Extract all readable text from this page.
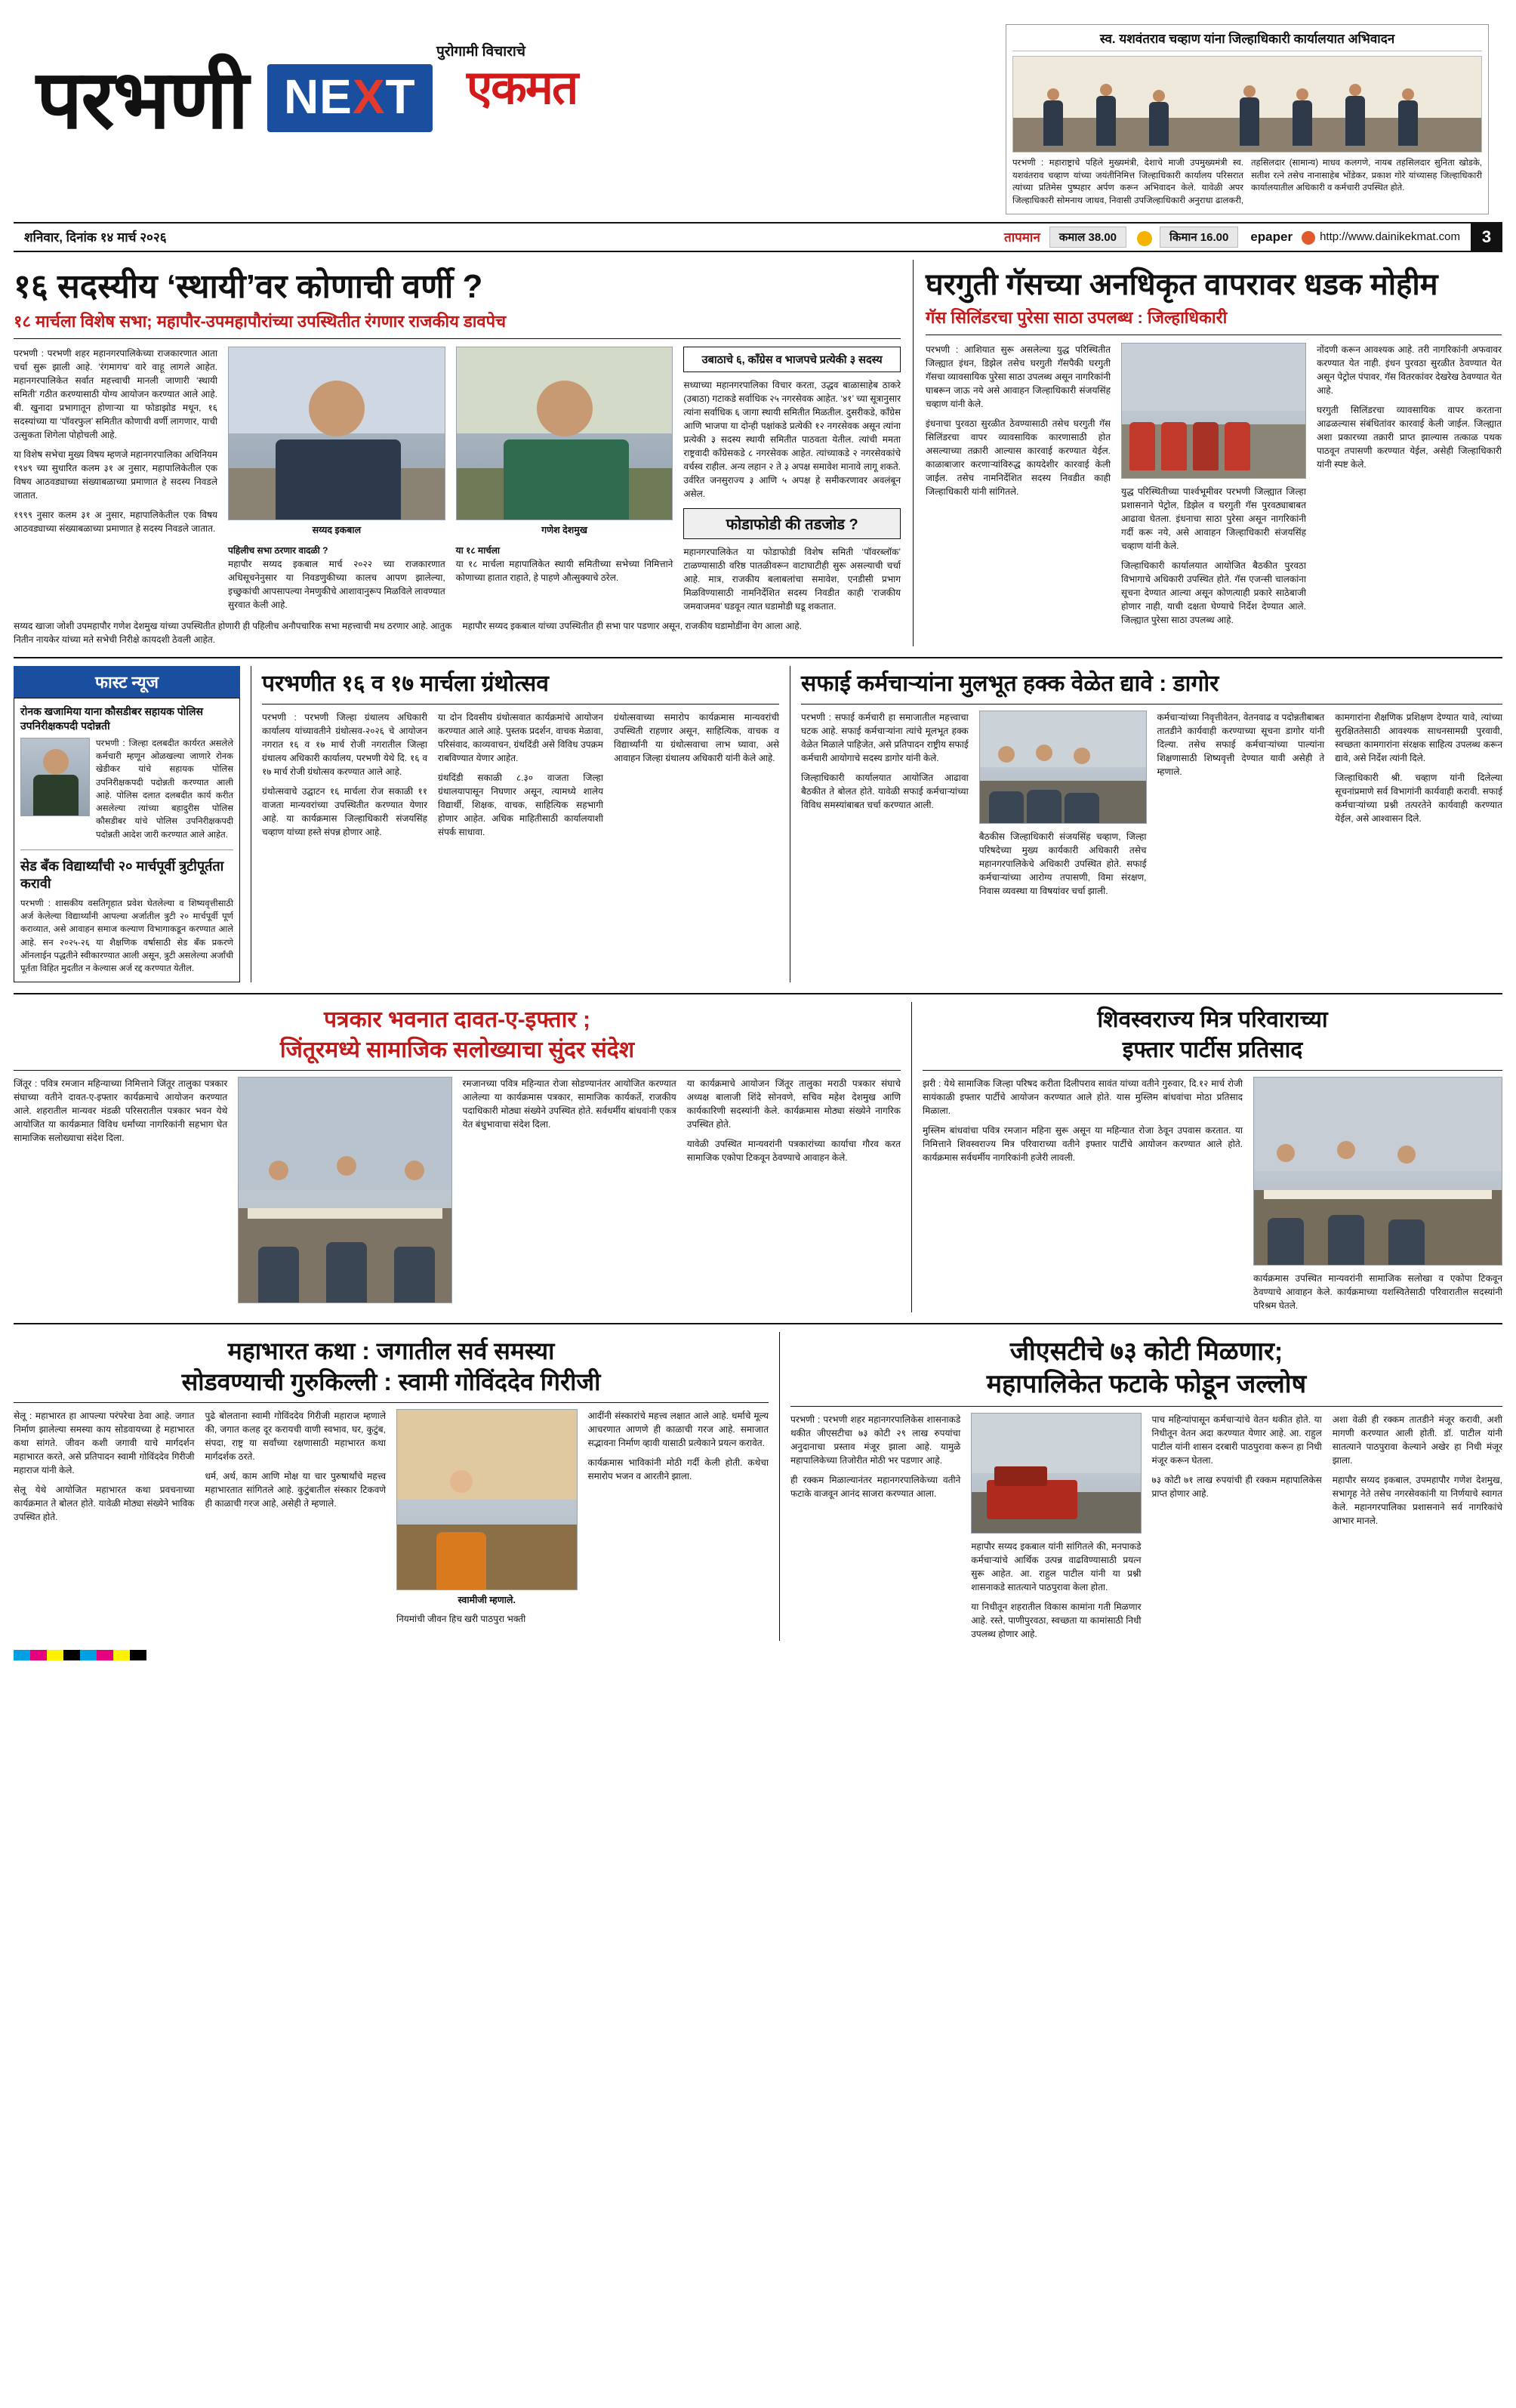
पुरोगामी विचाराचे
एकमत
परभणी NEXT
स्व. यशवंतराव चव्हाण यांना जिल्हाधिकारी कार्यालयात अभिवादन
परभणी : महाराष्ट्राचे पहिले मुख्यमंत्री, देशाचे माजी उपमुख्यमंत्री स्व. यशवंतराव चव्हाण यांच्या जयंतीनिमित्त जिल्हाधिकारी कार्यालय परिसरात त्यांच्या प्रतिमेस पुष्पहार अर्पण करून अभिवादन केले. यावेळी अपर जिल्हाधिकारी सोमनाथ जाधव, निवासी उपजिल्हाधिकारी अनुराधा ढालकरी, तहसिलदार (सामान्य) माधव कलगणे, नायब तहसिलदार सुनिता खोडके, सतीश रत्ने तसेच नानासाहेब भोंडेकर, प्रकाश गोरे यांच्यासह जिल्हाधिकारी कार्यालयातील अधिकारी व कर्मचारी उपस्थित होते.
शनिवार, दिनांक १४ मार्च २०२६	तापमान	कमाल 38.00	किमान 16.00	epaper	http://www.dainikekmat.com	3
१६ सदस्यीय ‘स्थायी’वर कोणाची वर्णी ?
१८ मार्चला विशेष सभा; महापौर-उपमहापौरांच्या उपस्थितीत रंगणार राजकीय डावपेच
परभणी : परभणी शहर महानगरपालिकेच्या राजकारणात आता चर्चा सुरू झाली आहे. ‘रंगमागच’ वारे वाहू लागले आहेत. महानगरपालिकेत सर्वात महत्त्वाची मानली जाणारी ‘स्थायी समिती’ गठीत करण्यासाठी योग्य आयोजन करण्यात आले आहे. बी. खुनादा प्रभागातून होणाऱ्या या फोडाझोड मधून, १६ सदस्यांच्या या ‘पॉवरफुल’ समितीत कोणाची वर्णी लागणार, याची उत्सुकता शिगेला पोहोचली आहे.
या विशेष सभेचा मुख्य विषय म्हणजे महानगरपालिका अधिनियम १९४९ च्या सुधारित कलम ३१ अ नुसार, महापालिकेतील एक विषय आठवड्याच्या संख्याबळाच्या प्रमाणात हे सदस्य निवडले जातात.
१९९९ नुसार कलम ३१ अ नुसार, महापालिकेतील एक विषय आठवड्याच्या संख्याबळाच्या प्रमाणात हे सदस्य निवडले जातात.	सय्यद इकबाल
पहिलीच सभा ठरणार वादळी ?
महापौर सय्यद इकबाल मार्च २०२२ च्या राजकारणात अधिसूचनेनुसार या निवडणुकीच्या कालच आपण झालेल्या, इच्छुकांची आपसापल्या नेमणुकीचे आशावानुरूप मिळविले लावण्यात सुरवात केली आहे.
गणेश देशमुख
या १८ मार्चला
या १८ मार्चला महापालिकेत स्थायी समितीच्या सभेच्या निमित्ताने कोणाच्या हातात राहाते, हे पाहणे औत्सुक्याचे ठरेल.
उबाठाचे ६, काँग्रेस व भाजपचे प्रत्येकी ३ सदस्य
सध्याच्या महानगरपालिका विचार करता, उद्धव बाळासाहेब ठाकरे (उबाठा) गटाकडे सर्वाधिक २५ नगरसेवक आहेत. ‘४१’ च्या सूत्रानुसार त्यांना सर्वाधिक ६ जागा स्थायी समितीत मिळतील. दुसरीकडे, काँग्रेस आणि भाजपा या दोन्ही पक्षांकडे प्रत्येकी १२ नगरसेवक असून त्यांना प्रत्येकी ३ सदस्य स्थायी समितीत पाठवता येतील. त्यांची ममता राष्ट्रवादी काँग्रेसकडे ८ नगरसेवक आहेत. त्यांच्याकडे २ नगरसेवकांचे वर्चस्व राहील. अन्य लहान २ ते ३ अपक्ष समावेश मानावे लागू शकते. उर्वरित जनसुराज्य ३ आणि ५ अपक्ष हे समीकरणावर अवलंबून असेल.
फोडाफोडी की तडजोड ?
महानगरपालिकेत या फोडाफोडी विशेष समिती ‘पॉवरब्लॉक’ टाळण्यासाठी वरिष्ठ पातळीवरून वाटाघाटीही सुरू असल्याची चर्चा आहे. मात्र, राजकीय बलाबलांचा समावेश, एनडीसी प्रभाग मिळविण्यासाठी नामनिर्देशित सदस्य निवडीत काही ‘राजकीय जमवाजमव’ घडवून त्यात घडामोडी घडू शकतात.
सय्यद खाजा जोशी उपमहापौर गणेश देशमुख यांच्या उपस्थितीत होणारी ही पहिलीच अनौपचारिक सभा महत्त्वाची मध ठरणार आहे. आतुक नितीन नायकेर यांच्या मते सभेची निरीक्षे कायदशी ठेवली आहेत.
महापौर सय्यद इकबाल यांच्या उपस्थितीत ही सभा पार पडणार असून, राजकीय घडामोडींना वेग आला आहे.
घरगुती गॅसच्या अनधिकृत वापरावर धडक मोहीम
गॅस सिलिंडरचा पुरेसा साठा उपलब्ध : जिल्हाधिकारी
परभणी : आशियात सुरू असलेल्या युद्ध परिस्थितीत जिल्ह्यात इंधन, डिझेल तसेच घरगुती गॅसपैकी घरगुती गॅसचा व्यावसायिक पुरेसा साठा उपलब्ध असून नागरिकांनी घाबरून जाऊ नये असे आवाहन जिल्हाधिकारी संजयसिंह चव्हाण यांनी केले.
इंधनाचा पुरवठा सुरळीत ठेवण्यासाठी तसेच घरगुती गॅस सिलिंडरचा वापर व्यावसायिक कारणासाठी होत असल्याच्या तक्रारी आल्यास कारवाई करण्यात येईल. काळाबाजार करणाऱ्यांविरुद्ध कायदेशीर कारवाई केली जाईल. तसेच नामनिर्देशित सदस्य निवडीत काही जिल्हाधिकारी यांनी सांगितले.	युद्ध परिस्थितीच्या पार्श्वभूमीवर परभणी जिल्ह्यात जिल्हा प्रशासनाने पेट्रोल, डिझेल व घरगुती गॅस पुरवठ्याबाबत आढावा घेतला. इंधनाचा साठा पुरेसा असून नागरिकांनी गर्दी करू नये, असे आवाहन जिल्हाधिकारी संजयसिंह चव्हाण यांनी केले.
जिल्हाधिकारी कार्यालयात आयोजित बैठकीत पुरवठा विभागाचे अधिकारी उपस्थित होते. गॅस एजन्सी चालकांना सूचना देण्यात आल्या असून कोणत्याही प्रकारे साठेबाजी होणार नाही, याची दक्षता घेण्याचे निर्देश देण्यात आले. जिल्ह्यात पुरेसा साठा उपलब्ध आहे.
नोंदणी करून आवश्यक आहे. तरी नागरिकांनी अफवावर करण्यात येत नाही. इंधन पुरवठा सुरळीत ठेवण्यात येत असून पेट्रोल पंपावर, गॅस वितरकांवर देखरेख ठेवण्यात येत आहे.
घरगुती सिलिंडरचा व्यावसायिक वापर करताना आढळल्यास संबंधितांवर कारवाई केली जाईल. जिल्ह्यात अशा प्रकारच्या तक्रारी प्राप्त झाल्यास तत्काळ पथक पाठवून तपासणी करण्यात येईल, असेही जिल्हाधिकारी यांनी स्पष्ट केले.
फास्ट न्यूज
रोनक खजामिया याना कौसडीबर सहायक पोलिस उपनिरीक्षकपदी पदोन्नती
परभणी : जिल्हा दलबदीत कार्यरत असलेले कर्मचारी म्हणून ओळखल्या जाणारे रोनक खेडीकर यांचे सहायक पोलिस उपनिरीक्षकपदी पदोन्नती करण्यात आली आहे. पोलिस दलात दलबदीत कार्य करीत असलेल्या त्यांच्या बहादुरीस पोलिस कौसडीबर यांचे पोलिस उपनिरीक्षकपदी पदोन्नती आदेश जारी करण्यात आले आहेत.
सेड बँक विद्यार्थ्यांची २० मार्चपूर्वी त्रुटीपूर्तता करावी
परभणी : शासकीय वसतिगृहात प्रवेश घेतलेल्या व शिष्यवृत्तीसाठी अर्ज केलेल्या विद्यार्थ्यांनी आपल्या अर्जातील त्रुटी २० मार्चपूर्वी पूर्ण कराव्यात, असे आवाहन समाज कल्याण विभागाकडून करण्यात आले आहे. सन २०२५-२६ या शैक्षणिक वर्षासाठी सेड बँक प्रकरणे ऑनलाईन पद्धतीने स्वीकारण्यात आली असून, त्रुटी असलेल्या अर्जांची पूर्तता विहित मुदतीत न केल्यास अर्ज रद्द करण्यात येतील.
परभणीत १६ व १७ मार्चला ग्रंथोत्सव
परभणी : परभणी जिल्हा ग्रंथालय अधिकारी कार्यालय यांच्यावतीने ग्रंथोत्सव-२०२६ चे आयोजन नगरात १६ व १७ मार्च रोजी नगरातील जिल्हा ग्रंथालय अधिकारी कार्यालय, परभणी येथे दि. १६ व १७ मार्च रोजी ग्रंथोत्सव करण्यात आले आहे.
ग्रंथोत्सवाचे उद्घाटन १६ मार्चला रोज सकाळी ११ वाजता मान्यवरांच्या उपस्थितीत करण्यात येणार आहे. या कार्यक्रमास जिल्हाधिकारी संजयसिंह चव्हाण यांच्या हस्ते संपन्न होणार आहे.
या दोन दिवसीय ग्रंथोत्सवात कार्यक्रमांचे आयोजन करण्यात आले आहे. पुस्तक प्रदर्शन, वाचक मेळावा, परिसंवाद, काव्यवाचन, ग्रंथदिंडी असे विविध उपक्रम राबविण्यात येणार आहेत.
ग्रंथदिंडी सकाळी ८.३० वाजता जिल्हा ग्रंथालयापासून निघणार असून, त्यामध्ये शालेय विद्यार्थी, शिक्षक, वाचक, साहित्यिक सहभागी होणार आहेत. अधिक माहितीसाठी कार्यालयाशी संपर्क साधावा.
ग्रंथोत्सवाच्या समारोप कार्यक्रमास मान्यवरांची उपस्थिती राहणार असून, साहित्यिक, वाचक व विद्यार्थ्यांनी या ग्रंथोत्सवाचा लाभ घ्यावा, असे आवाहन जिल्हा ग्रंथालय अधिकारी यांनी केले आहे.
सफाई कर्मचाऱ्यांना मुलभूत हक्क वेळेत द्यावे : डागोर
परभणी : सफाई कर्मचारी हा समाजातील महत्त्वाचा घटक आहे. सफाई कर्मचाऱ्यांना त्यांचे मूलभूत हक्क वेळेत मिळाले पाहिजेत, असे प्रतिपादन राष्ट्रीय सफाई कर्मचारी आयोगाचे सदस्य डागोर यांनी केले.
जिल्हाधिकारी कार्यालयात आयोजित आढावा बैठकीत ते बोलत होते. यावेळी सफाई कर्मचाऱ्यांच्या विविध समस्यांबाबत चर्चा करण्यात आली.
बैठकीस जिल्हाधिकारी संजयसिंह चव्हाण, जिल्हा परिषदेच्या मुख्य कार्यकारी अधिकारी तसेच महानगरपालिकेचे अधिकारी उपस्थित होते. सफाई कर्मचाऱ्यांच्या आरोग्य तपासणी, विमा संरक्षण, निवास व्यवस्था या विषयांवर चर्चा झाली.
कर्मचाऱ्यांच्या निवृत्तीवेतन, वेतनवाढ व पदोन्नतीबाबत तातडीने कार्यवाही करण्याच्या सूचना डागोर यांनी दिल्या. तसेच सफाई कर्मचाऱ्यांच्या पाल्यांना शिक्षणासाठी शिष्यवृत्ती देण्यात यावी असेही ते म्हणाले.
कामगारांना शैक्षणिक प्रशिक्षण देण्यात यावे, त्यांच्या सुरक्षिततेसाठी आवश्यक साधनसामग्री पुरवावी, स्वच्छता कामगारांना संरक्षक साहित्य उपलब्ध करून द्यावे, असे निर्देश त्यांनी दिले.
जिल्हाधिकारी श्री. चव्हाण यांनी दिलेल्या सूचनांप्रमाणे सर्व विभागांनी कार्यवाही करावी. सफाई कर्मचाऱ्यांच्या प्रश्नी तत्परतेने कार्यवाही करण्यात येईल, असे आश्वासन दिले.
पत्रकार भवनात दावत-ए-इफ्तार ;
जिंतूरमध्ये सामाजिक सलोख्याचा सुंदर संदेश
जिंतूर : पवित्र रमजान महिन्याच्या निमित्ताने जिंतूर तालुका पत्रकार संघाच्या वतीने दावत-ए-इफ्तार कार्यक्रमाचे आयोजन करण्यात आले. शहरातील मान्यवर मंडळी परिसरातील पत्रकार भवन येथे आयोजित या कार्यक्रमात विविध धर्मांच्या नागरिकांनी सहभाग घेत सामाजिक सलोख्याचा संदेश दिला.
रमजानच्या पवित्र महिन्यात रोजा सोडण्यानंतर आयोजित करण्यात आलेल्या या कार्यक्रमास पत्रकार, सामाजिक कार्यकर्ते, राजकीय पदाधिकारी मोठ्या संख्येने उपस्थित होते. सर्वधर्मीय बांधवांनी एकत्र येत बंधुभावाचा संदेश दिला.
या कार्यक्रमाचे आयोजन जिंतूर तालुका मराठी पत्रकार संघाचे अध्यक्ष बालाजी शिंदे सोनवणे, सचिव महेश देशमुख आणि कार्यकारिणी सदस्यांनी केले. कार्यक्रमास मोठ्या संख्येने नागरिक उपस्थित होते.
यावेळी उपस्थित मान्यवरांनी पत्रकारांच्या कार्याचा गौरव करत सामाजिक एकोपा टिकवून ठेवण्याचे आवाहन केले.
शिवस्वराज्य मित्र परिवाराच्या
इफ्तार पार्टीस प्रतिसाद
झरी : येथे सामाजिक जिल्हा परिषद करीता दिलीपराव सावंत यांच्या वतीने गुरुवार, दि.१२ मार्च रोजी सायंकाळी इफ्तार पार्टीचे आयोजन करण्यात आले होते. यास मुस्लिम बांधवांचा मोठा प्रतिसाद मिळाला.
मुस्लिम बांधवांचा पवित्र रमजान महिना सुरू असून या महिन्यात रोजा ठेवून उपवास करतात. या निमित्ताने शिवस्वराज्य मित्र परिवाराच्या वतीने इफ्तार पार्टीचे आयोजन करण्यात आले होते. कार्यक्रमास सर्वधर्मीय नागरिकांनी हजेरी लावली.
कार्यक्रमास उपस्थित मान्यवरांनी सामाजिक सलोखा व एकोपा टिकवून ठेवण्याचे आवाहन केले. कार्यक्रमाच्या यशस्वितेसाठी परिवारातील सदस्यांनी परिश्रम घेतले.
महाभारत कथा : जगातील सर्व समस्या
सोडवण्याची गुरुकिल्ली : स्वामी गोविंददेव गिरीजी
सेलू : महाभारत हा आपल्या परंपरेचा ठेवा आहे. जगात निर्माण झालेल्या समस्या काय सोडवायच्या हे महाभारत कथा सांगते. जीवन कशी जगावी याचे मार्गदर्शन महाभारत करते, असे प्रतिपादन स्वामी गोविंददेव गिरीजी महाराज यांनी केले.
सेलू येथे आयोजित महाभारत कथा प्रवचनाच्या कार्यक्रमात ते बोलत होते. यावेळी मोठ्या संख्येने भाविक उपस्थित होते.
पुढे बोलताना स्वामी गोविंददेव गिरीजी महाराज म्हणाले की, जगात कलह दूर करायची वाणी स्वभाव, घर, कुटुंब, संपदा, राष्ट्र या सर्वांच्या रक्षणासाठी महाभारत कथा मार्गदर्शक ठरते.
धर्म, अर्थ, काम आणि मोक्ष या चार पुरुषार्थांचे महत्त्व महाभारतात सांगितले आहे. कुटुंबातील संस्कार टिकवणे ही काळाची गरज आहे, असेही ते म्हणाले.
स्वामीजी म्हणाले.
नियमांची जीवन हिच खरी पाठपुरा भक्ती
आदींनी संस्कारांचे महत्त्व लक्षात आले आहे. धर्माचे मूल्य आचरणात आणणे ही काळाची गरज आहे. समाजात सद्भावना निर्माण व्हावी यासाठी प्रत्येकाने प्रयत्न करावेत.
कार्यक्रमास भाविकांनी मोठी गर्दी केली होती. कथेचा समारोप भजन व आरतीने झाला.
जीएसटीचे ७३ कोटी मिळणार;
महापालिकेत फटाके फोडून जल्लोष
परभणी : परभणी शहर महानगरपालिकेस शासनाकडे थकीत जीएसटीचा ७३ कोटी २९ लाख रुपयांचा अनुदानाचा प्रस्ताव मंजूर झाला आहे. यामुळे महापालिकेच्या तिजोरीत मोठी भर पडणार आहे.
ही रक्कम मिळाल्यानंतर महानगरपालिकेच्या वतीने फटाके वाजवून आनंद साजरा करण्यात आला.
महापौर सय्यद इकबाल यांनी सांगितले की, मनपाकडे कर्मचाऱ्यांचे आर्थिक उत्पन्न वाढविण्यासाठी प्रयत्न सुरू आहेत. आ. राहुल पाटील यांनी या प्रश्नी शासनाकडे सातत्याने पाठपुरावा केला होता.
या निधीतून शहरातील विकास कामांना गती मिळणार आहे. रस्ते, पाणीपुरवठा, स्वच्छता या कामांसाठी निधी उपलब्ध होणार आहे.
पाच महिन्यांपासून कर्मचाऱ्यांचे वेतन थकीत होते. या निधीतून वेतन अदा करण्यात येणार आहे. आ. राहुल पाटील यांनी शासन दरबारी पाठपुरावा करून हा निधी मंजूर करून घेतला.
७३ कोटी ७१ लाख रुपयांची ही रक्कम महापालिकेस प्राप्त होणार आहे.
अशा वेळी ही रक्कम तातडीने मंजूर करावी, अशी मागणी करण्यात आली होती. डॉ. पाटील यांनी सातत्याने पाठपुरावा केल्याने अखेर हा निधी मंजूर झाला.
महापौर सय्यद इकबाल, उपमहापौर गणेश देशमुख, सभागृह नेते तसेच नगरसेवकांनी या निर्णयाचे स्वागत केले. महानगरपालिका प्रशासनाने सर्व नागरिकांचे आभार मानले.
